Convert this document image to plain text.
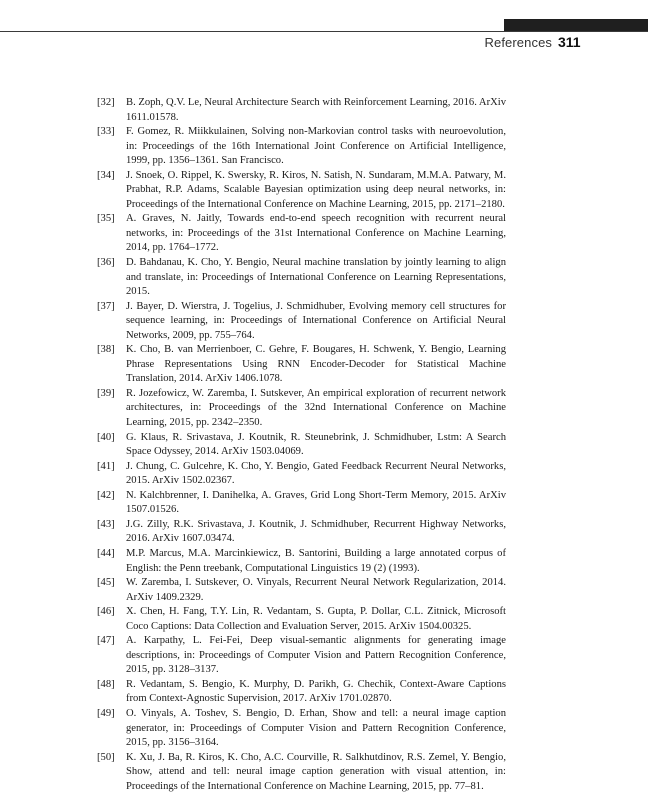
References 311
[32] B. Zoph, Q.V. Le, Neural Architecture Search with Reinforcement Learning, 2016. ArXiv 1611.01578.
[33] F. Gomez, R. Miikkulainen, Solving non-Markovian control tasks with neuroevolution, in: Proceedings of the 16th International Joint Conference on Artificial Intelligence, 1999, pp. 1356–1361. San Francisco.
[34] J. Snoek, O. Rippel, K. Swersky, R. Kiros, N. Satish, N. Sundaram, M.M.A. Patwary, M. Prabhat, R.P. Adams, Scalable Bayesian optimization using deep neural networks, in: Proceedings of the International Conference on Machine Learning, 2015, pp. 2171–2180.
[35] A. Graves, N. Jaitly, Towards end-to-end speech recognition with recurrent neural networks, in: Proceedings of the 31st International Conference on Machine Learning, 2014, pp. 1764–1772.
[36] D. Bahdanau, K. Cho, Y. Bengio, Neural machine translation by jointly learning to align and translate, in: Proceedings of International Conference on Learning Representations, 2015.
[37] J. Bayer, D. Wierstra, J. Togelius, J. Schmidhuber, Evolving memory cell structures for sequence learning, in: Proceedings of International Conference on Artificial Neural Networks, 2009, pp. 755–764.
[38] K. Cho, B. van Merrienboer, C. Gehre, F. Bougares, H. Schwenk, Y. Bengio, Learning Phrase Representations Using RNN Encoder-Decoder for Statistical Machine Translation, 2014. ArXiv 1406.1078.
[39] R. Jozefowicz, W. Zaremba, I. Sutskever, An empirical exploration of recurrent network architectures, in: Proceedings of the 32nd International Conference on Machine Learning, 2015, pp. 2342–2350.
[40] G. Klaus, R. Srivastava, J. Koutnik, R. Steunebrink, J. Schmidhuber, Lstm: A Search Space Odyssey, 2014. ArXiv 1503.04069.
[41] J. Chung, C. Gulcehre, K. Cho, Y. Bengio, Gated Feedback Recurrent Neural Networks, 2015. ArXiv 1502.02367.
[42] N. Kalchbrenner, I. Danihelka, A. Graves, Grid Long Short-Term Memory, 2015. ArXiv 1507.01526.
[43] J.G. Zilly, R.K. Srivastava, J. Koutnik, J. Schmidhuber, Recurrent Highway Networks, 2016. ArXiv 1607.03474.
[44] M.P. Marcus, M.A. Marcinkiewicz, B. Santorini, Building a large annotated corpus of English: the Penn treebank, Computational Linguistics 19 (2) (1993).
[45] W. Zaremba, I. Sutskever, O. Vinyals, Recurrent Neural Network Regularization, 2014. ArXiv 1409.2329.
[46] X. Chen, H. Fang, T.Y. Lin, R. Vedantam, S. Gupta, P. Dollar, C.L. Zitnick, Microsoft Coco Captions: Data Collection and Evaluation Server, 2015. ArXiv 1504.00325.
[47] A. Karpathy, L. Fei-Fei, Deep visual-semantic alignments for generating image descriptions, in: Proceedings of Computer Vision and Pattern Recognition Conference, 2015, pp. 3128–3137.
[48] R. Vedantam, S. Bengio, K. Murphy, D. Parikh, G. Chechik, Context-Aware Captions from Context-Agnostic Supervision, 2017. ArXiv 1701.02870.
[49] O. Vinyals, A. Toshev, S. Bengio, D. Erhan, Show and tell: a neural image caption generator, in: Proceedings of Computer Vision and Pattern Recognition Conference, 2015, pp. 3156–3164.
[50] K. Xu, J. Ba, R. Kiros, K. Cho, A.C. Courville, R. Salkhutdinov, R.S. Zemel, Y. Bengio, Show, attend and tell: neural image caption generation with visual attention, in: Proceedings of the International Conference on Machine Learning, 2015, pp. 77–81.
